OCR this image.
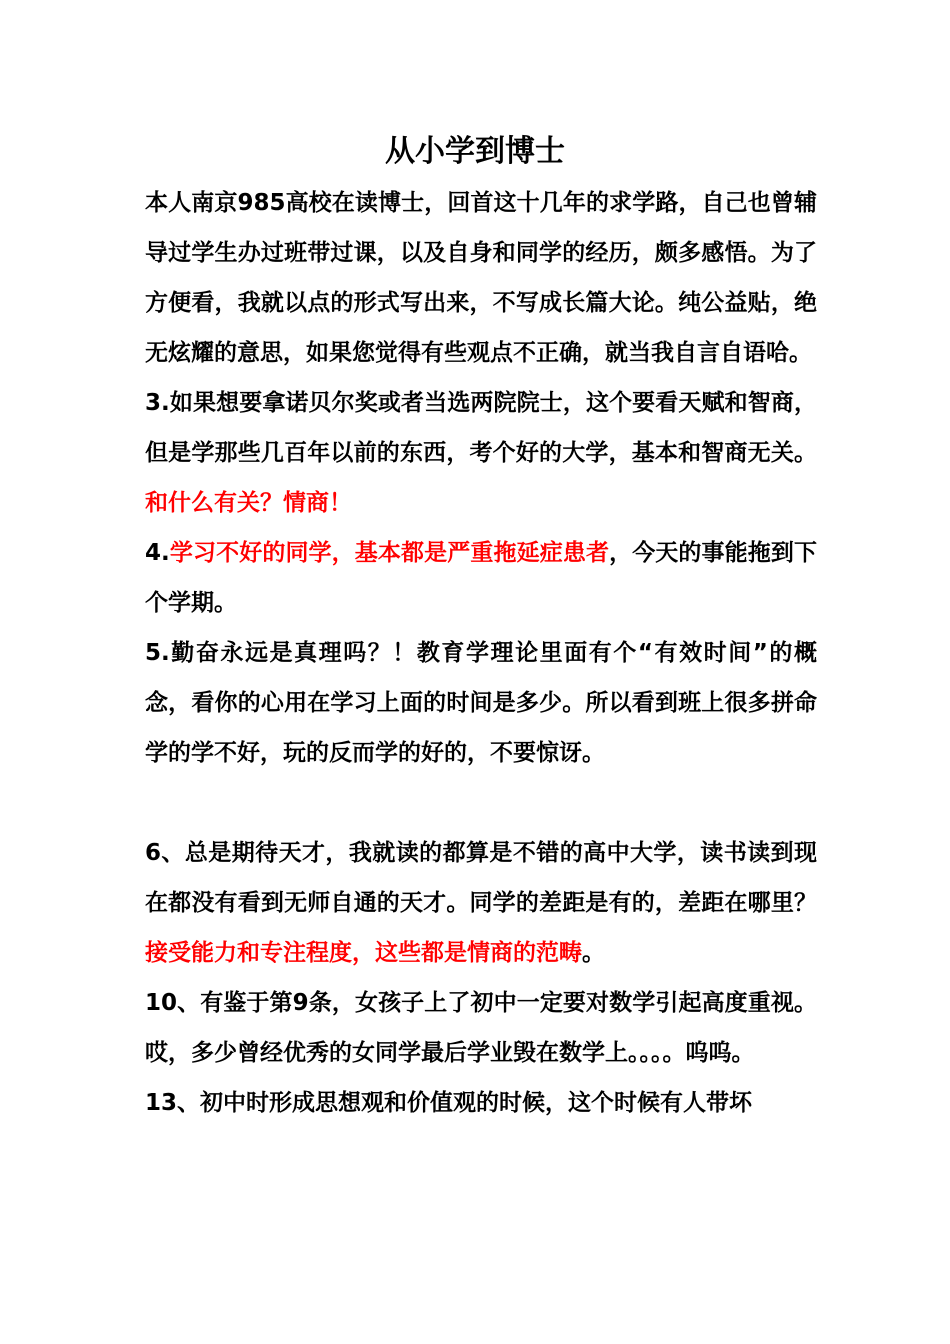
从小学到博士

本人南京985高校在读博士，回首这十几年的求学路，自己也曾辅导过学生办过班带过课，以及自身和同学的经历，颇多感悟。为了方便看，我就以点的形式写出来，不写成长篇大论。纯公益贴，绝无炫耀的意思，如果您觉得有些观点不正确，就当我自言自语哈。

3.如果想要拿诺贝尔奖或者当选两院院士，这个要看天赋和智商，但是学那些几百年以前的东西，考个好的大学，基本和智商无关。和什么有关？情商！

4.学习不好的同学，基本都是严重拖延症患者，今天的事能拖到下个学期。

5.勤奋永远是真理吗？！教育学理论里面有个“有效时间”的概念，看你的心用在学习上面的时间是多少。所以看到班上很多拼命学的学不好，玩的反而学的好的，不要惊讶。

6、总是期待天才，我就读的都算是不错的高中大学，读书读到现在都没有看到无师自通的天才。同学的差距是有的，差距在哪里？接受能力和专注程度，这些都是情商的范畴。

10、有鉴于第9条，女孩子上了初中一定要对数学引起高度重视。哎，多少曾经优秀的女同学最后学业毁在数学上。。。。呜呜。

13、初中时形成思想观和价值观的时候，这个时候有人带坏
